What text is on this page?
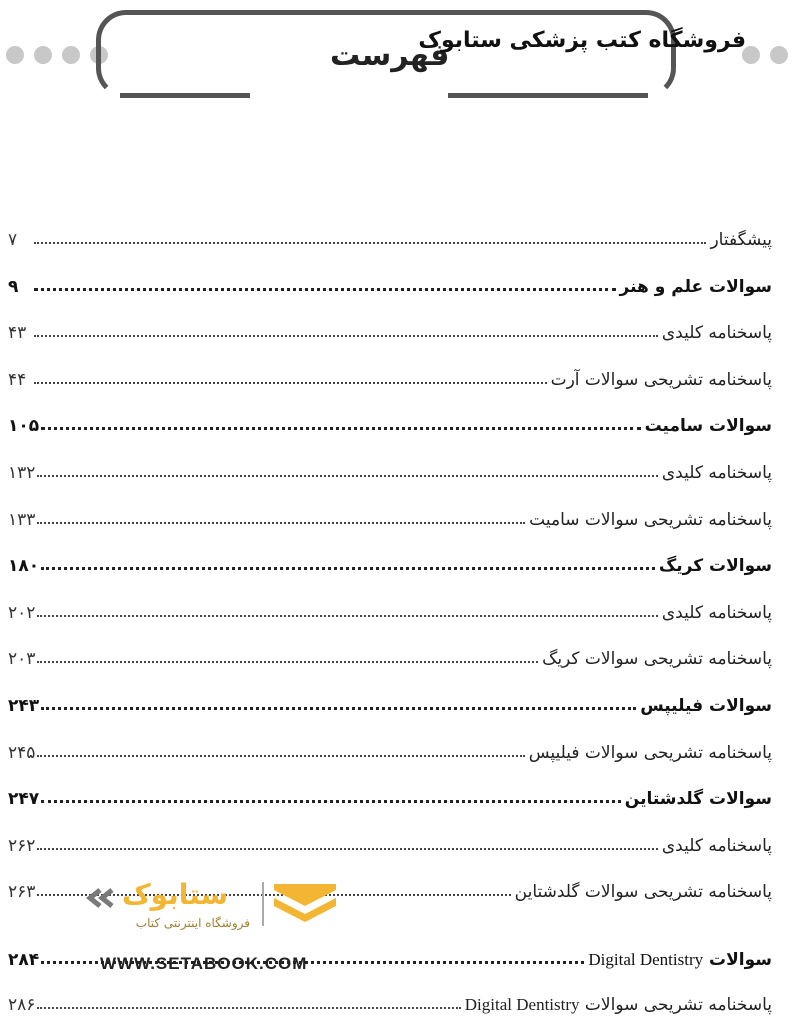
فهرست
فروشگاه کتب پزشکی ستابوک
پیشگفتار
۷
سوالات علم و هنر
۹
پاسخنامه کلیدی
۴۳
پاسخنامه تشریحی سوالات آرت
۴۴
سوالات سامیت
۱۰۵
پاسخنامه کلیدی
۱۳۲
پاسخنامه تشریحی سوالات سامیت
۱۳۳
سوالات کریگ
۱۸۰
پاسخنامه کلیدی
۲۰۲
پاسخنامه تشریحی سوالات کریگ
۲۰۳
سوالات فیلیپس
۲۴۳
پاسخنامه تشریحی سوالات فیلیپس
۲۴۵
سوالات گلدشتاین
۲۴۷
پاسخنامه کلیدی
۲۶۲
پاسخنامه تشریحی سوالات گلدشتاین
۲۶۳
سوالات Digital Dentistry
۲۸۴
پاسخنامه تشریحی سوالات Digital Dentistry
۲۸۶
ستابوک
فروشگاه اینترنتی کتاب
WWW.SETABOOK.COM
